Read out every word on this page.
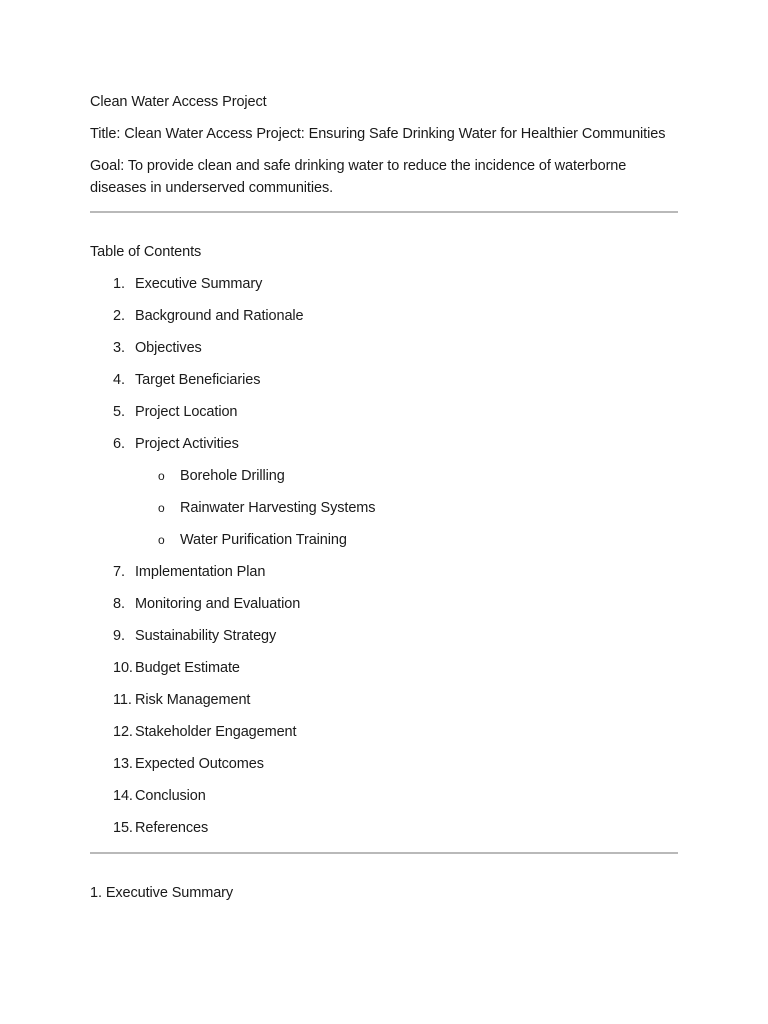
Clean Water Access Project
Title: Clean Water Access Project: Ensuring Safe Drinking Water for Healthier Communities
Goal: To provide clean and safe drinking water to reduce the incidence of waterborne diseases in underserved communities.
Table of Contents
1. Executive Summary
2. Background and Rationale
3. Objectives
4. Target Beneficiaries
5. Project Location
6. Project Activities
o Borehole Drilling
o Rainwater Harvesting Systems
o Water Purification Training
7. Implementation Plan
8. Monitoring and Evaluation
9. Sustainability Strategy
10. Budget Estimate
11. Risk Management
12. Stakeholder Engagement
13. Expected Outcomes
14. Conclusion
15. References
1. Executive Summary
